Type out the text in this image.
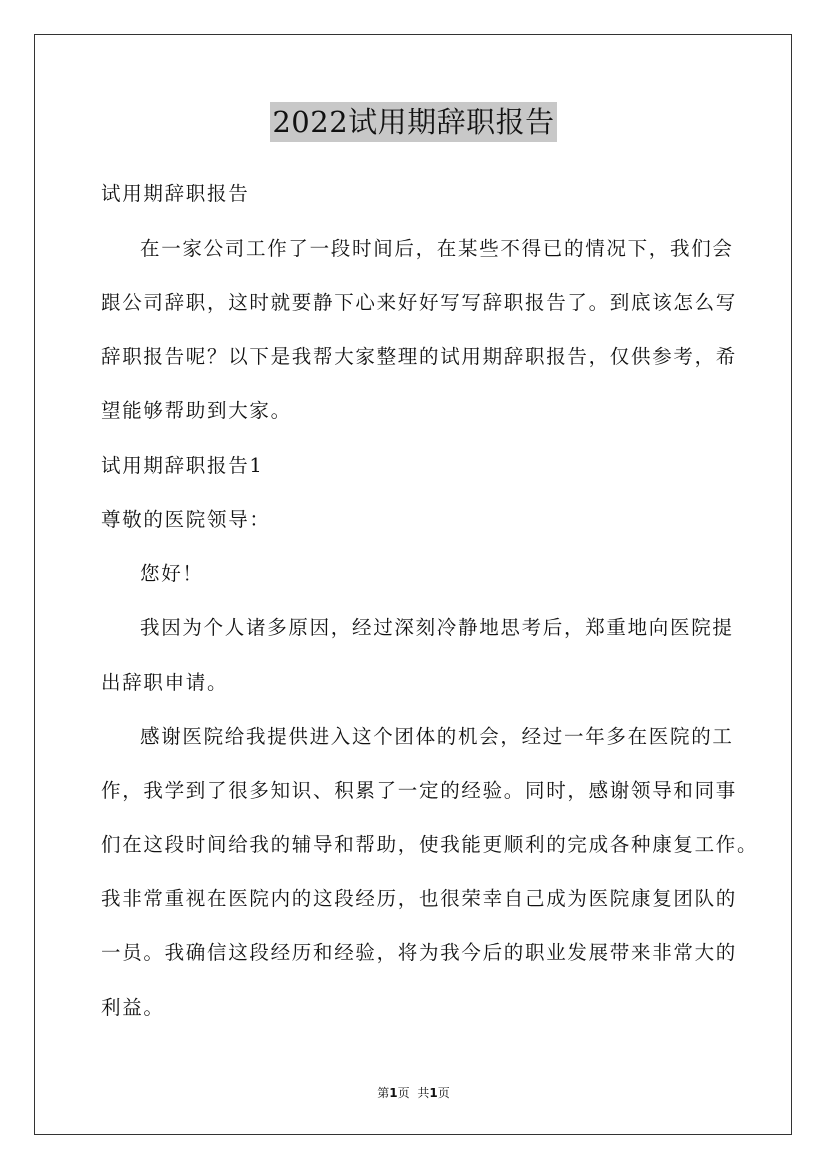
2022试用期辞职报告
试用期辞职报告
在一家公司工作了一段时间后，在某些不得已的情况下，我们会
跟公司辞职，这时就要静下心来好好写写辞职报告了。到底该怎么写
辞职报告呢？以下是我帮大家整理的试用期辞职报告，仅供参考，希
望能够帮助到大家。
试用期辞职报告1
尊敬的医院领导：
您好！
我因为个人诸多原因，经过深刻冷静地思考后，郑重地向医院提
出辞职申请。
感谢医院给我提供进入这个团体的机会，经过一年多在医院的工
作，我学到了很多知识、积累了一定的经验。同时，感谢领导和同事
们在这段时间给我的辅导和帮助，使我能更顺利的完成各种康复工作。
我非常重视在医院内的这段经历，也很荣幸自己成为医院康复团队的
一员。我确信这段经历和经验，将为我今后的职业发展带来非常大的
利益。
第1页 共1页
